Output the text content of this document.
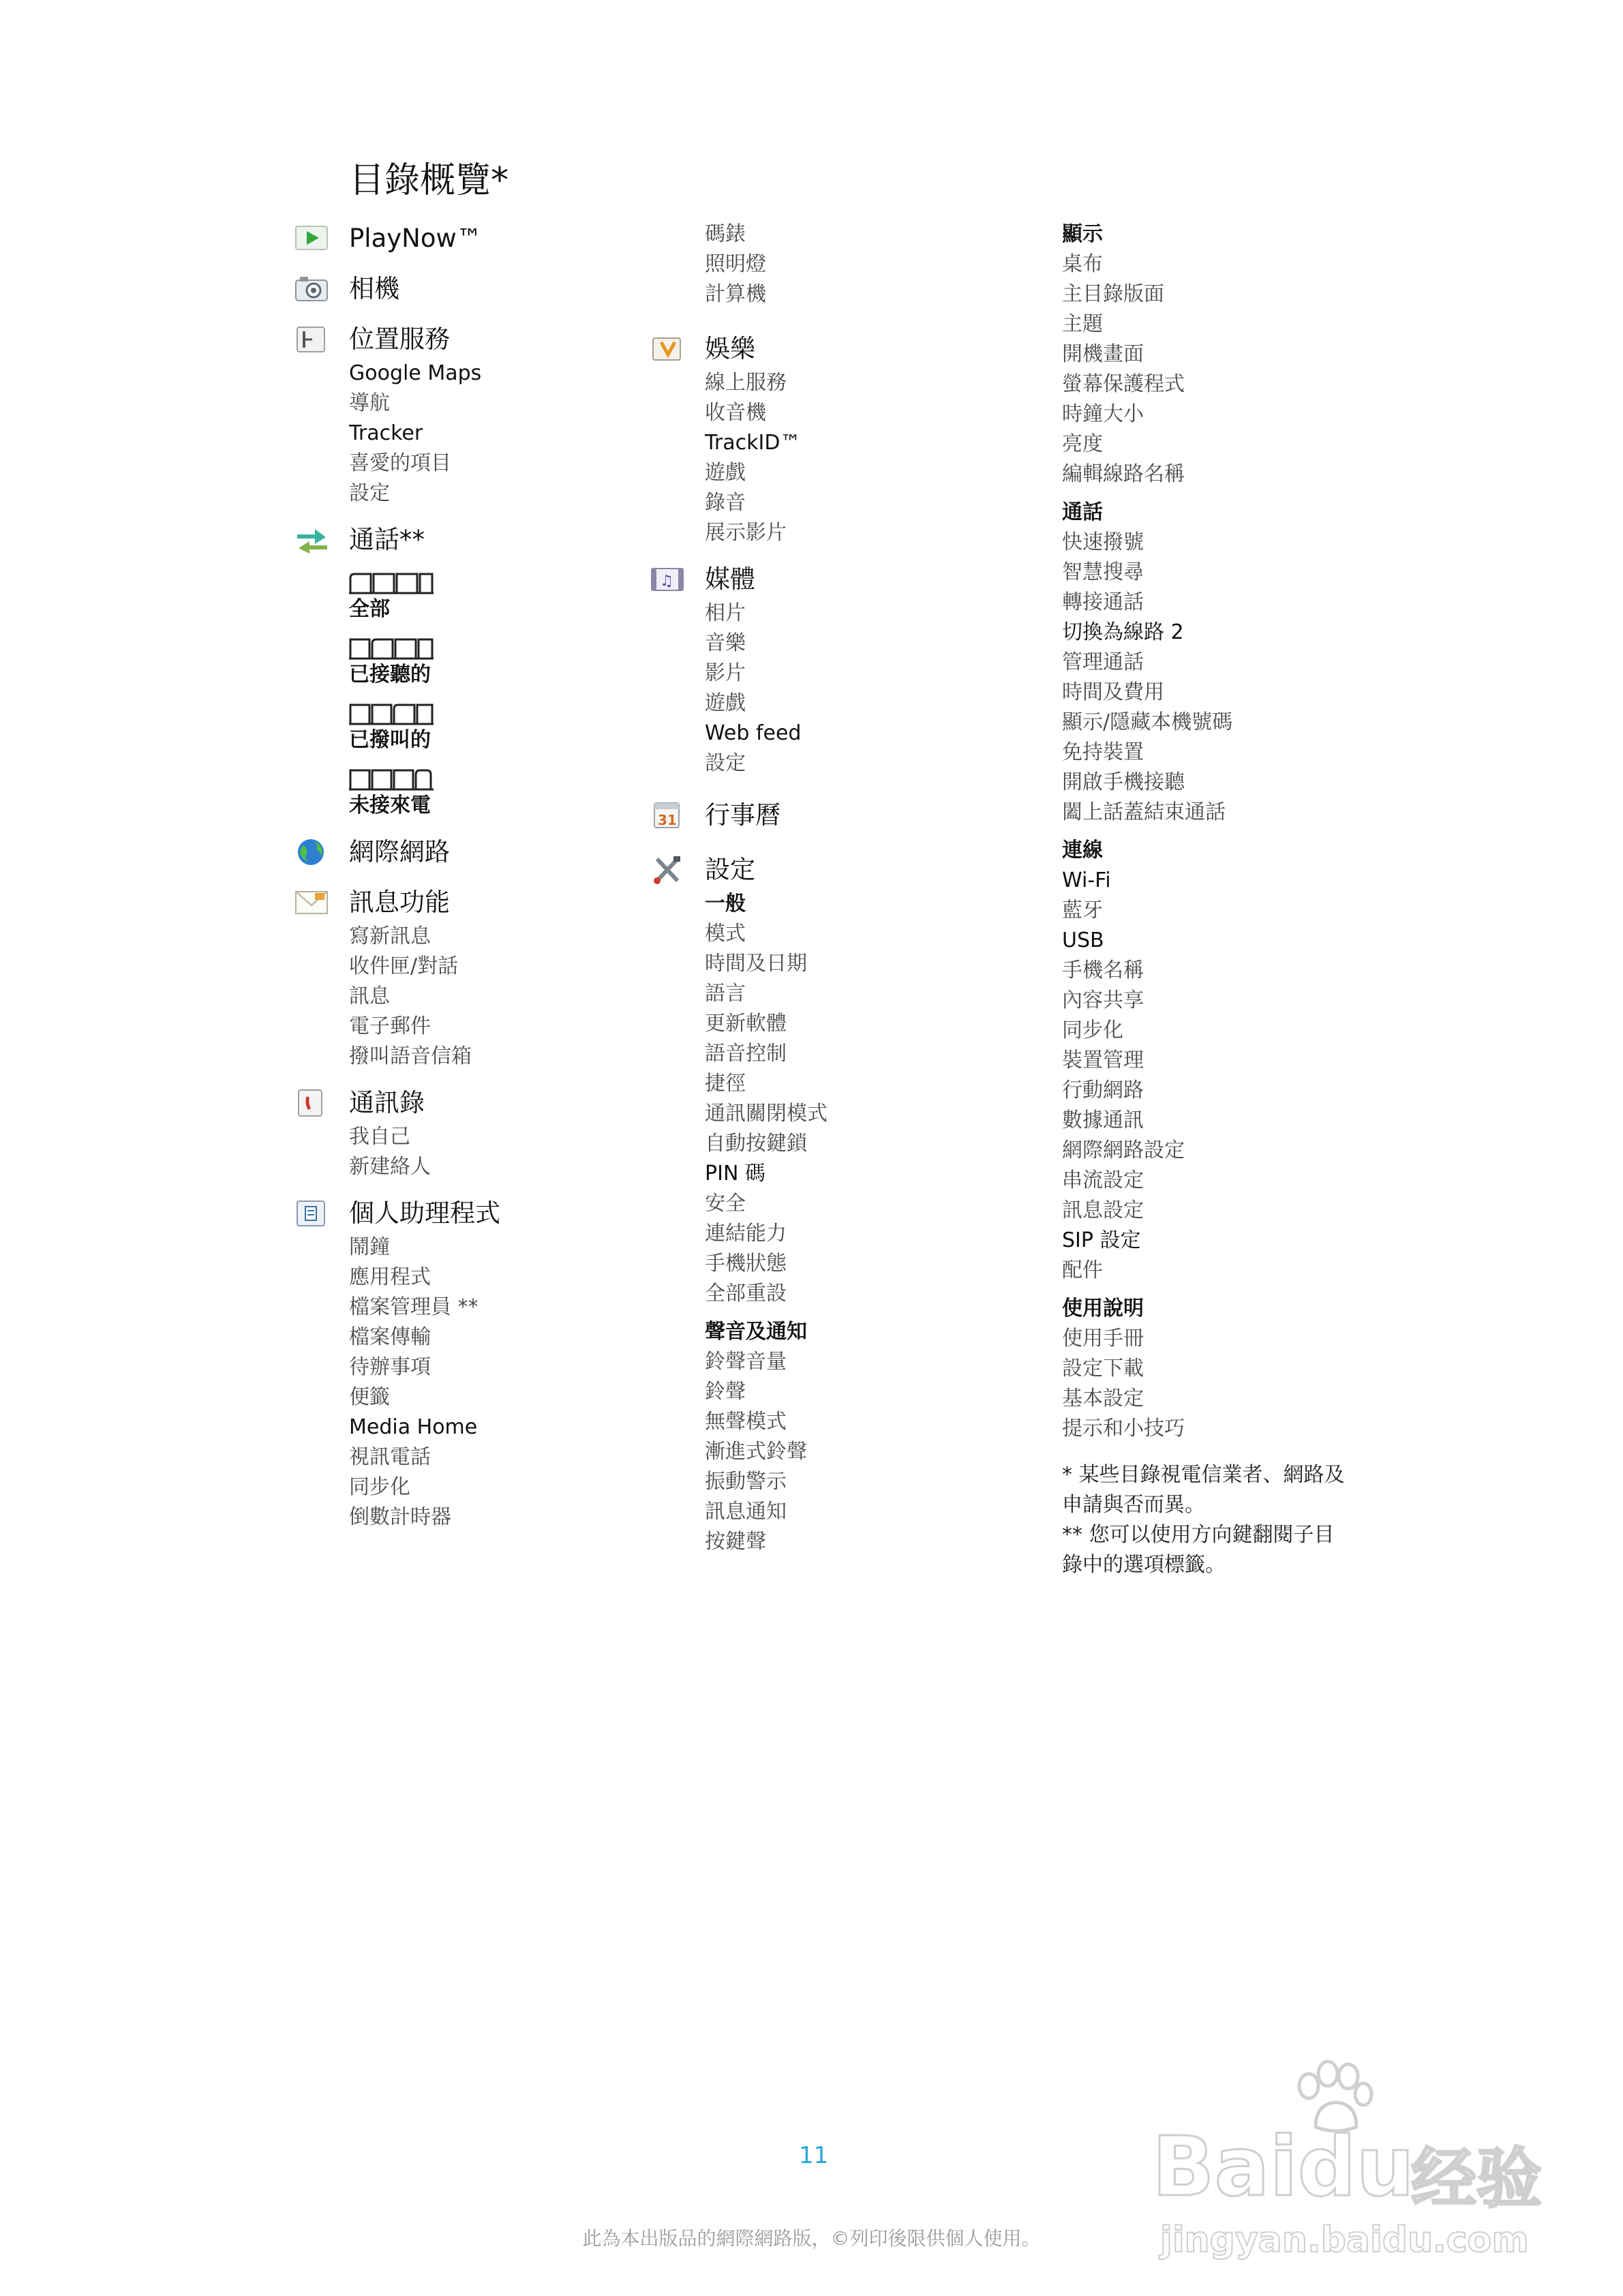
目錄概覽*
PlayNow™
相機
位置服務
Google Maps
導航
Tracker
喜愛的項目
設定
通話**
全部
已接聽的
已撥叫的
未接來電
網際網路
訊息功能
寫新訊息
收件匣/對話
訊息
電子郵件
撥叫語音信箱
通訊錄
我自己
新建絡人
個人助理程式
鬧鐘
應用程式
檔案管理員 **
檔案傳輸
待辦事項
便籤
Media Home
視訊電話
同步化
倒數計時器
碼錶
照明燈
計算機
娛樂
線上服務
收音機
TrackID™
遊戲
錄音
展示影片
♫ 媒體
相片
音樂
影片
遊戲
Web feed
設定
31 行事曆
設定
一般
模式
時間及日期
語言
更新軟體
語音控制
捷徑
通訊關閉模式
自動按鍵鎖
PIN 碼
安全
連結能力
手機狀態
全部重設
聲音及通知
鈴聲音量
鈴聲
無聲模式
漸進式鈴聲
振動警示
訊息通知
按鍵聲
顯示
桌布
主目錄版面
主題
開機畫面
螢幕保護程式
時鐘大小
亮度
編輯線路名稱
通話
快速撥號
智慧搜尋
轉接通話
切換為線路 2
管理通話
時間及費用
顯示/隱藏本機號碼
免持裝置
開啟手機接聽
闔上話蓋結束通話
連線
Wi-Fi
藍牙
USB
手機名稱
內容共享
同步化
裝置管理
行動網路
數據通訊
網際網路設定
串流設定
訊息設定
SIP 設定
配件
使用說明
使用手冊
設定下載
基本設定
提示和小技巧
* 某些目錄視電信業者、網路及
申請與否而異。
** 您可以使用方向鍵翻閱子目
錄中的選項標籤。
11
此為本出版品的網際網路版，©列印後限供個人使用。
Baidu
经验
jingyan.baidu.com
